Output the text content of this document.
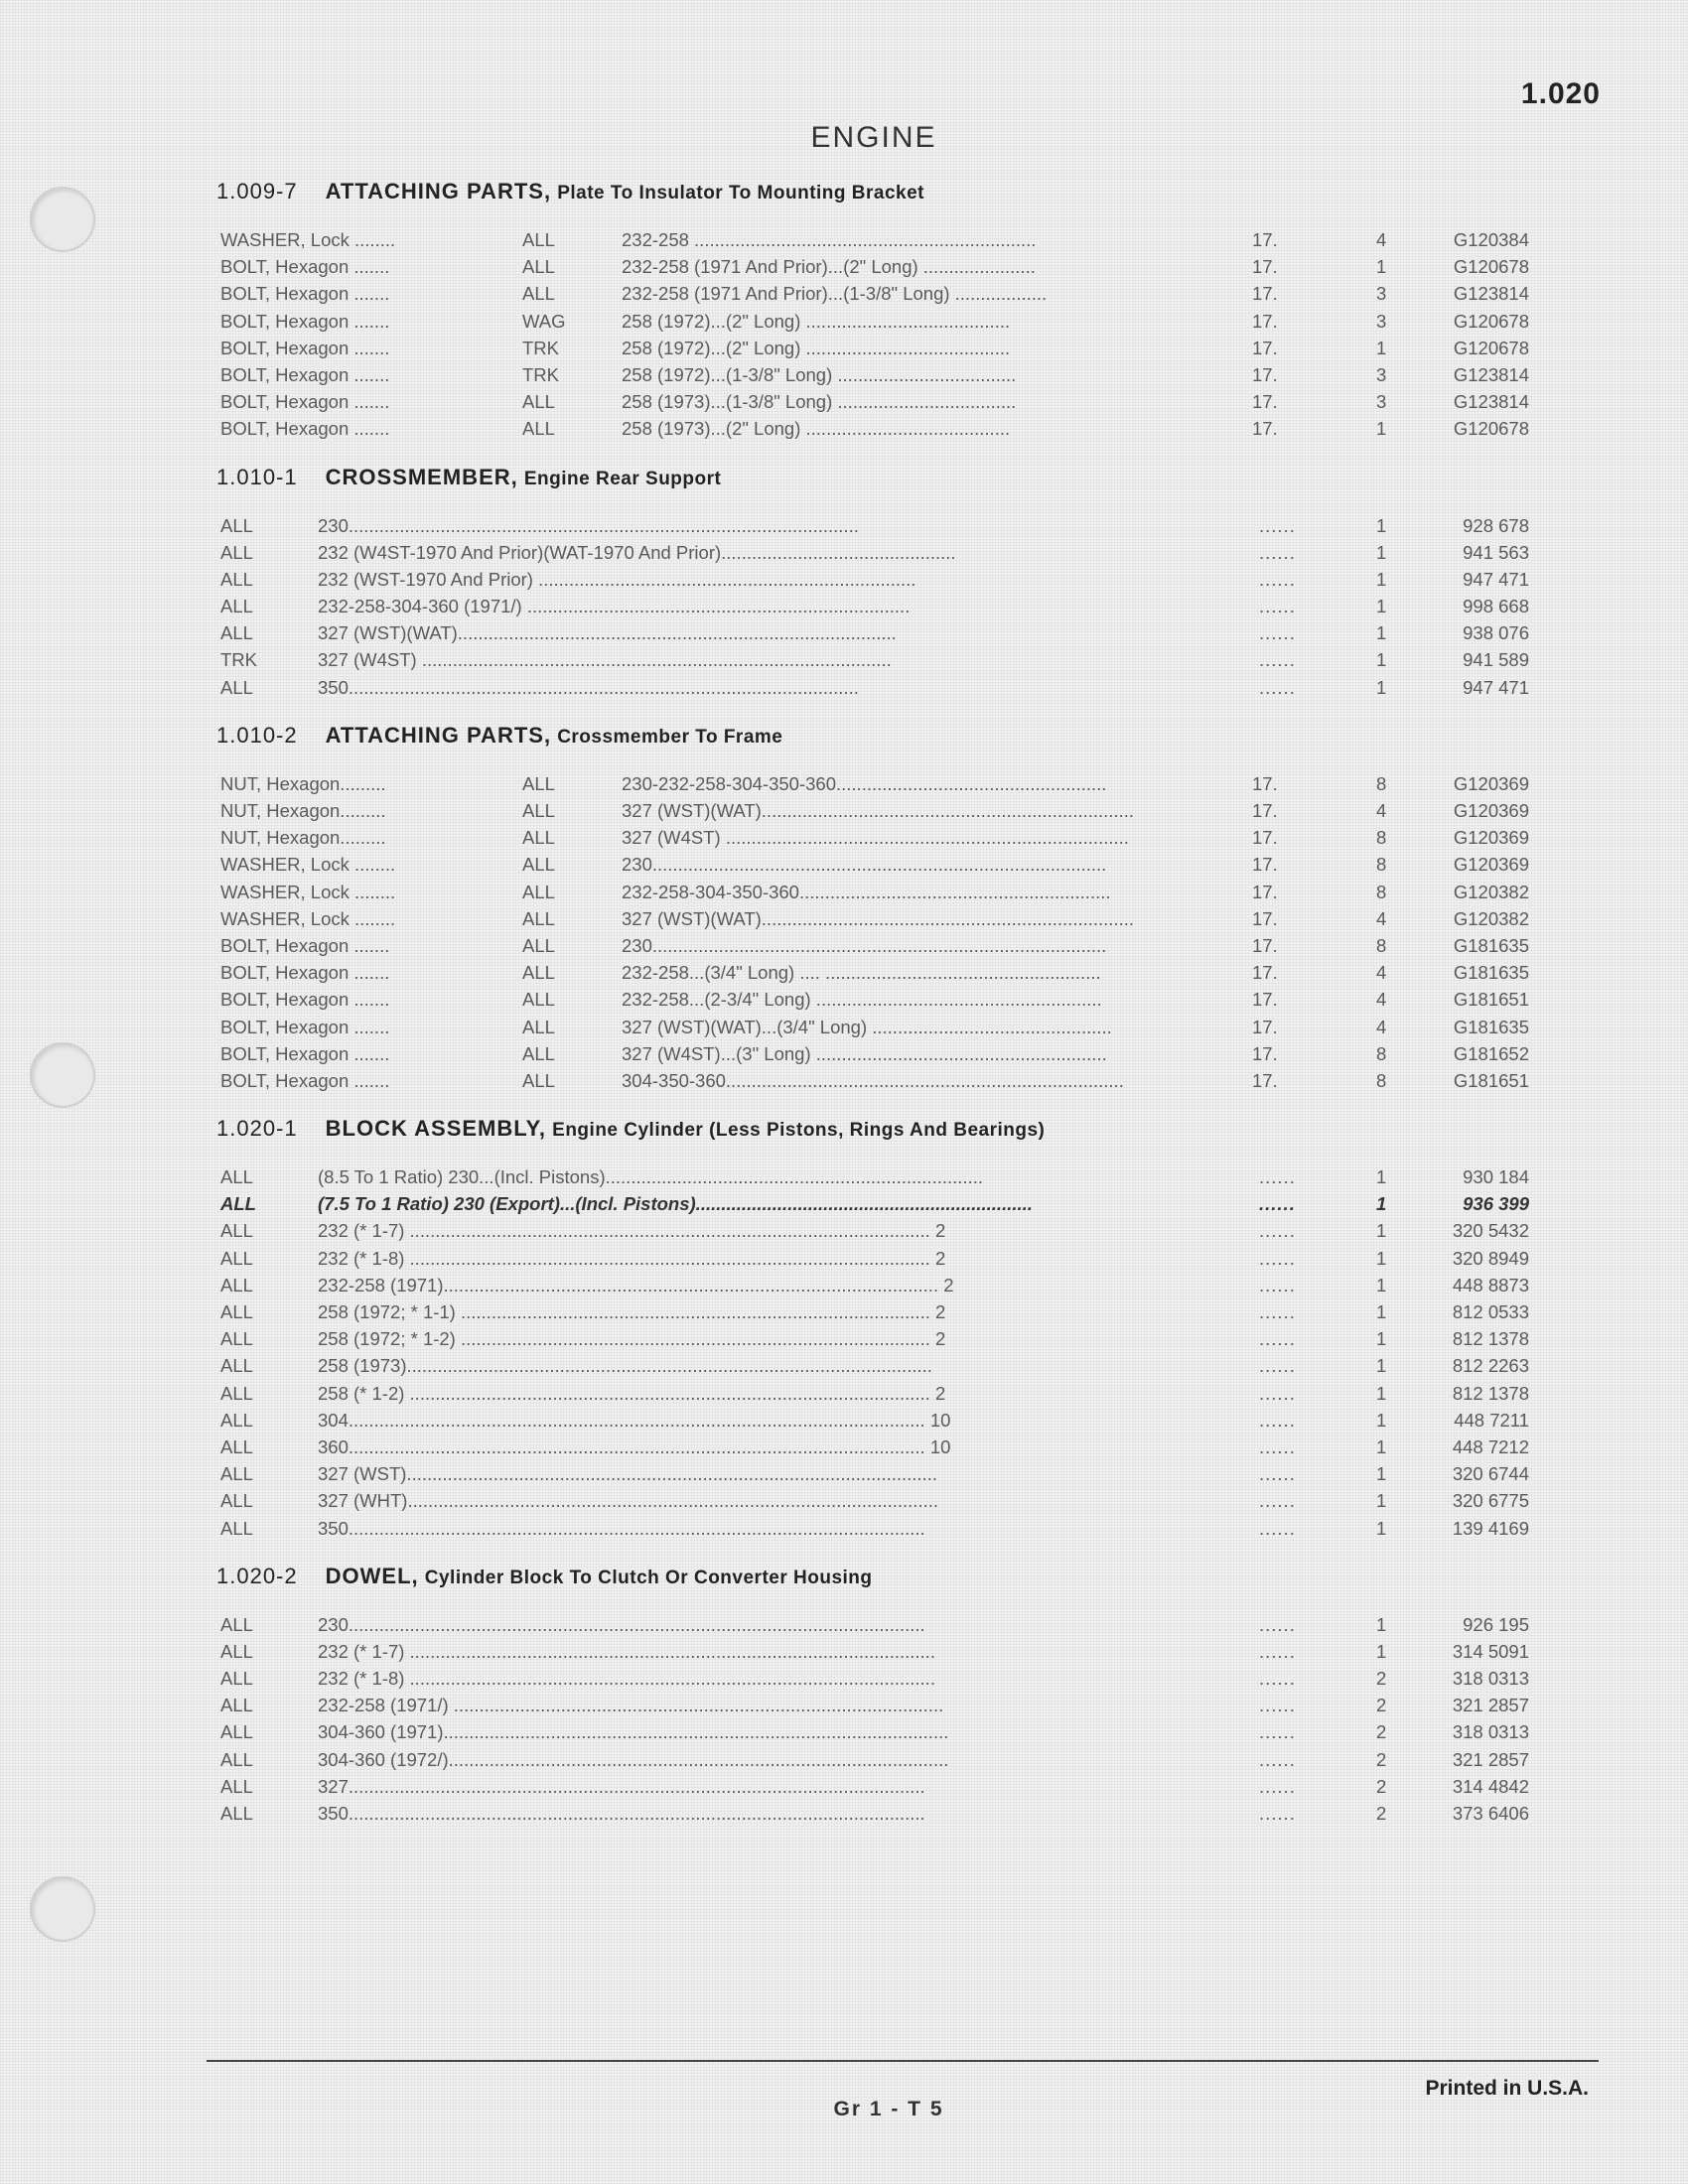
1.020
ENGINE
1.009-7 ATTACHING PARTS, Plate To Insulator To Mounting Bracket
WASHER, Lock ........	ALL	232-258 ...................................................................	17.	4	G120384
BOLT, Hexagon .......	ALL	232-258 (1971 And Prior)...(2" Long) ......................	17.	1	G120678
BOLT, Hexagon .......	ALL	232-258 (1971 And Prior)...(1-3/8" Long) ..................	17.	3	G123814
BOLT, Hexagon .......	WAG	258 (1972)...(2" Long) ........................................	17.	3	G120678
BOLT, Hexagon .......	TRK	258 (1972)...(2" Long) ........................................	17.	1	G120678
BOLT, Hexagon .......	TRK	258 (1972)...(1-3/8" Long) ...................................	17.	3	G123814
BOLT, Hexagon .......	ALL	258 (1973)...(1-3/8" Long) ...................................	17.	3	G123814
BOLT, Hexagon .......	ALL	258 (1973)...(2" Long) ........................................	17.	1	G120678
1.010-1 CROSSMEMBER, Engine Rear Support
ALL	230....................................................................................................	......	1	928 678
ALL	232 (W4ST-1970 And Prior)(WAT-1970 And Prior)..............................................	......	1	941 563
ALL	232 (WST-1970 And Prior) ..........................................................................	......	1	947 471
ALL	232-258-304-360 (1971/) ...........................................................................	......	1	998 668
ALL	327 (WST)(WAT)......................................................................................	......	1	938 076
TRK	327 (W4ST) ............................................................................................	......	1	941 589
ALL	350....................................................................................................	......	1	947 471
1.010-2 ATTACHING PARTS, Crossmember To Frame
NUT, Hexagon.........	ALL	230-232-258-304-350-360.....................................................	17.	8	G120369
NUT, Hexagon.........	ALL	327 (WST)(WAT).........................................................................	17.	4	G120369
NUT, Hexagon.........	ALL	327 (W4ST) ...............................................................................	17.	8	G120369
WASHER, Lock ........	ALL	230.........................................................................................	17.	8	G120369
WASHER, Lock ........	ALL	232-258-304-350-360.............................................................	17.	8	G120382
WASHER, Lock ........	ALL	327 (WST)(WAT).........................................................................	17.	4	G120382
BOLT, Hexagon .......	ALL	230.........................................................................................	17.	8	G181635
BOLT, Hexagon .......	ALL	232-258...(3/4" Long) .... ......................................................	17.	4	G181635
BOLT, Hexagon .......	ALL	232-258...(2-3/4" Long) ........................................................	17.	4	G181651
BOLT, Hexagon .......	ALL	327 (WST)(WAT)...(3/4" Long) ...............................................	17.	4	G181635
BOLT, Hexagon .......	ALL	327 (W4ST)...(3" Long) .........................................................	17.	8	G181652
BOLT, Hexagon .......	ALL	304-350-360..............................................................................	17.	8	G181651
1.020-1 BLOCK ASSEMBLY, Engine Cylinder (Less Pistons, Rings And Bearings)
ALL	(8.5 To 1 Ratio) 230...(Incl. Pistons)..........................................................................	......	1	930 184
ALL	(7.5 To 1 Ratio) 230 (Export)...(Incl. Pistons)..................................................................	......	1	936 399
ALL	232 (* 1-7) ...................................................................................................... 2	......	1	320 5432
ALL	232 (* 1-8) ...................................................................................................... 2	......	1	320 8949
ALL	232-258 (1971)................................................................................................. 2	......	1	448 8873
ALL	258 (1972; * 1-1) ............................................................................................ 2	......	1	812 0533
ALL	258 (1972; * 1-2) ............................................................................................ 2	......	1	812 1378
ALL	258 (1973).......................................................................................................	......	1	812 2263
ALL	258 (* 1-2) ...................................................................................................... 2	......	1	812 1378
ALL	304................................................................................................................. 10	......	1	448 7211
ALL	360................................................................................................................. 10	......	1	448 7212
ALL	327 (WST)........................................................................................................	......	1	320 6744
ALL	327 (WHT)........................................................................................................	......	1	320 6775
ALL	350.................................................................................................................	......	1	139 4169
1.020-2 DOWEL, Cylinder Block To Clutch Or Converter Housing
ALL	230.................................................................................................................	......	1	926 195
ALL	232 (* 1-7) .......................................................................................................	......	1	314 5091
ALL	232 (* 1-8) .......................................................................................................	......	2	318 0313
ALL	232-258 (1971/) ................................................................................................	......	2	321 2857
ALL	304-360 (1971)...................................................................................................	......	2	318 0313
ALL	304-360 (1972/)..................................................................................................	......	2	321 2857
ALL	327.................................................................................................................	......	2	314 4842
ALL	350.................................................................................................................	......	2	373 6406
Printed in U.S.A.
Gr 1 - T 5
